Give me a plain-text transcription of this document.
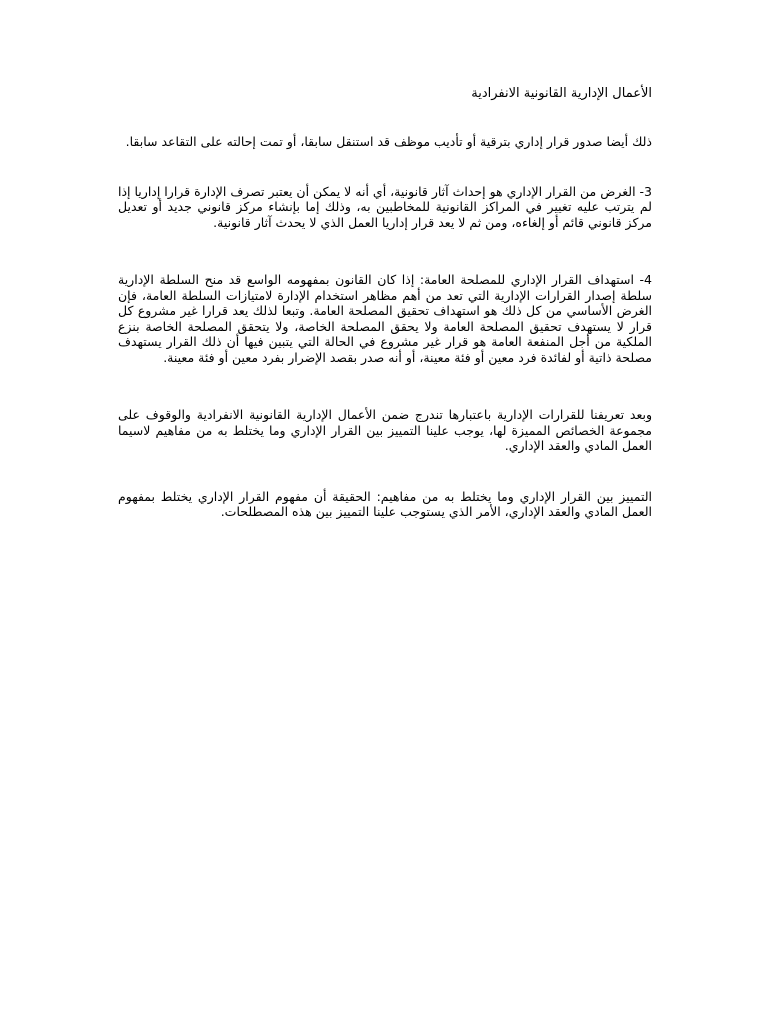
الأعمال الإدارية القانونية الانفرادية

ذلك أيضا صدور قرار إداري بترقية أو تأديب موظف قد استنقل سابقا، أو تمت إحالته على التقاعد سابقا.

3- الغرض من القرار الإداري هو إحداث آثار قانونية، أي أنه لا يمكن أن يعتبر تصرف الإدارة قرارا إداريا إذا لم يترتب عليه تغيير في المراكز القانونية للمخاطبين به، وذلك إما بإنشاء مركز قانوني جديد أو تعديل مركز قانوني قائم أو إلغاءه، ومن ثم لا يعد قرار إداريا العمل الذي لا يحدث آثار قانونية.

4- استهداف القرار الإداري للمصلحة العامة: إذا كان القانون بمفهومه الواسع قد منح السلطة الإدارية سلطة إصدار القرارات الإدارية التي تعد من أهم مظاهر استخدام الإدارة لامتيازات السلطة العامة، فإن الغرض الأساسي من كل ذلك هو استهداف تحقيق المصلحة العامة. وتبعا لذلك يعد قرارا غير مشروع كل قرار لا يستهدف تحقيق المصلحة العامة ولا يحقق المصلحة الخاصة، ولا يتحقق المصلحة الخاصة بنزع الملكية من أجل المنفعة العامة هو قرار غير مشروع في الحالة التي يتبين فيها أن ذلك القرار يستهدف مصلحة ذاتية أو لفائدة فرد معين أو فئة معينة، أو أنه صدر بقصد الإضرار بفرد معين أو فئة معينة.

وبعد تعريفنا للقرارات الإدارية باعتبارها تندرج ضمن الأعمال الإدارية القانونية الانفرادية والوقوف على مجموعة الخصائص المميزة لها، يوجب علينا التمييز بين القرار الإداري وما يختلط به من مفاهيم لاسيما العمل المادي والعقد الإداري.

التمييز بين القرار الإداري وما يختلط به من مفاهيم: الحقيقة أن مفهوم القرار الإداري يختلط بمفهوم العمل المادي والعقد الإداري، الأمر الذي يستوجب علينا التمييز بين هذه المصطلحات.
